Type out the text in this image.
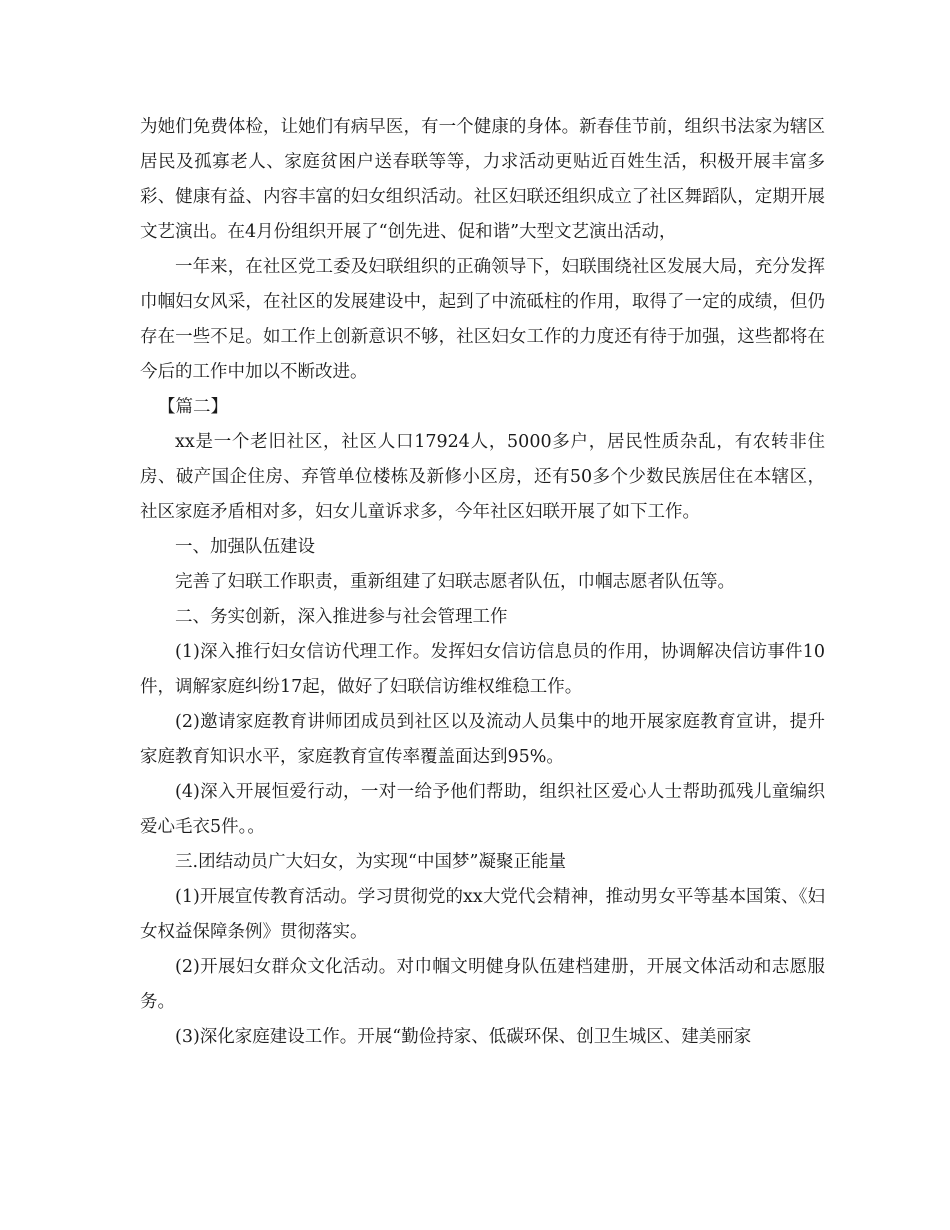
为她们免费体检，让她们有病早医，有一个健康的身体。新春佳节前，组织书法家为辖区居民及孤寡老人、家庭贫困户送春联等等，力求活动更贴近百姓生活，积极开展丰富多彩、健康有益、内容丰富的妇女组织活动。社区妇联还组织成立了社区舞蹈队，定期开展文艺演出。在4月份组织开展了“创先进、促和谐”大型文艺演出活动，

一年来，在社区党工委及妇联组织的正确领导下，妇联围绕社区发展大局，充分发挥巾帼妇女风采，在社区的发展建设中，起到了中流砥柱的作用，取得了一定的成绩，但仍存在一些不足。如工作上创新意识不够，社区妇女工作的力度还有待于加强，这些都将在今后的工作中加以不断改进。

【篇二】

xx是一个老旧社区，社区人口17924人，5000多户，居民性质杂乱，有农转非住房、破产国企住房、弃管单位楼栋及新修小区房，还有50多个少数民族居住在本辖区，社区家庭矛盾相对多，妇女儿童诉求多，今年社区妇联开展了如下工作。

一、加强队伍建设

完善了妇联工作职责，重新组建了妇联志愿者队伍，巾帼志愿者队伍等。

二、务实创新，深入推进参与社会管理工作

(1)深入推行妇女信访代理工作。发挥妇女信访信息员的作用，协调解决信访事件10件，调解家庭纠纷17起，做好了妇联信访维权维稳工作。

(2)邀请家庭教育讲师团成员到社区以及流动人员集中的地开展家庭教育宣讲，提升家庭教育知识水平，家庭教育宣传率覆盖面达到95%。

(4)深入开展恒爱行动，一对一给予他们帮助，组织社区爱心人士帮助孤残儿童编织爱心毛衣5件。。

三.团结动员广大妇女，为实现“中国梦”凝聚正能量

(1)开展宣传教育活动。学习贯彻党的xx大党代会精神，推动男女平等基本国策、《妇女权益保障条例》贯彻落实。

(2)开展妇女群众文化活动。对巾帼文明健身队伍建档建册，开展文体活动和志愿服务。

(3)深化家庭建设工作。开展“勤俭持家、低碳环保、创卫生城区、建美丽家
